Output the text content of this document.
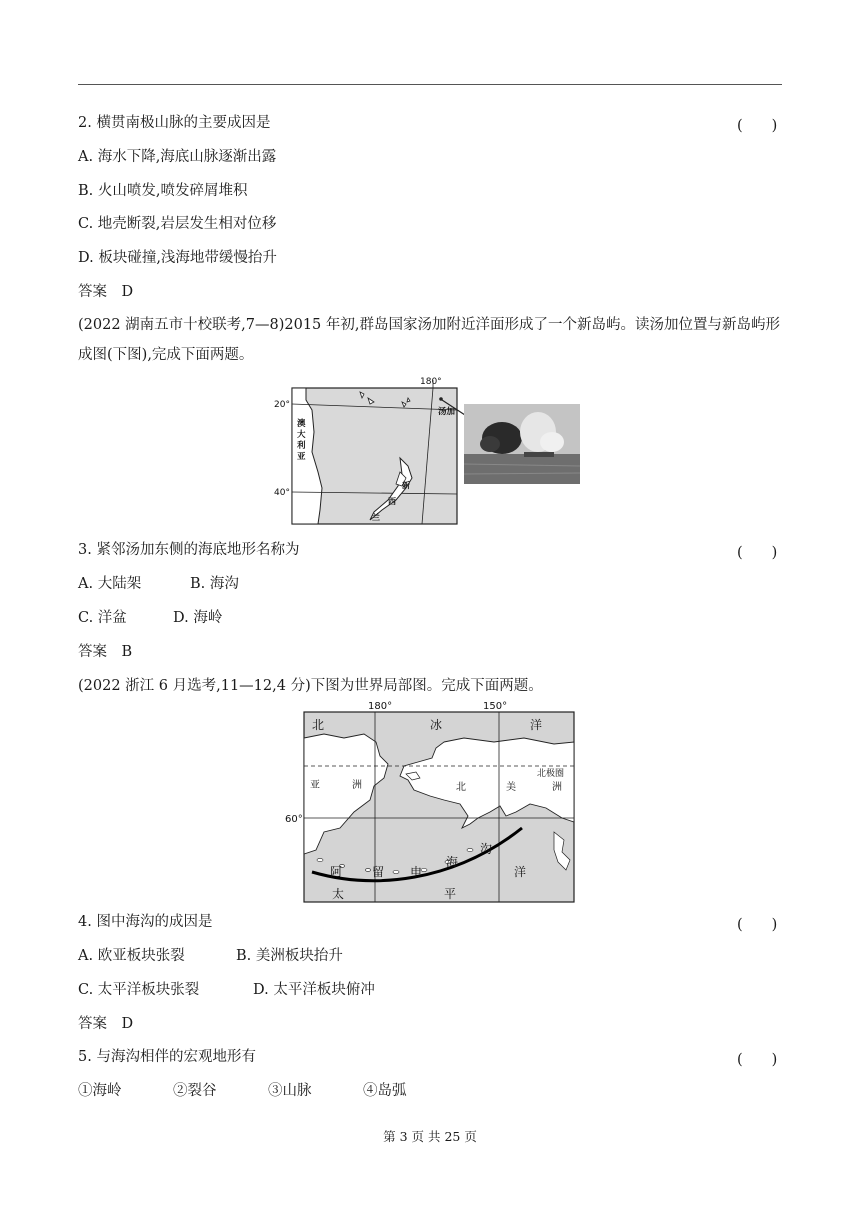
2. 横贯南极山脉的主要成因是	(　　)
A. 海水下降,海底山脉逐渐出露
B. 火山喷发,喷发碎屑堆积
C. 地壳断裂,岩层发生相对位移
D. 板块碰撞,浅海地带缓慢抬升
答案　D
(2022 湖南五市十校联考,7—8)2015 年初,群岛国家汤加附近洋面形成了一个新岛屿。读汤加位置与新岛屿形成图(下图),完成下面两题。
180°
20°
40°
澳
大
利
亚
汤加
新
西
兰
3. 紧邻汤加东侧的海底地形名称为	(　　)
A. 大陆架	B. 海沟
C. 洋盆	D. 海岭
答案　B
(2022 浙江 6 月选考,11—12,4 分)下图为世界局部图。完成下面两题。
180°	150°
60°
北极圈
北	冰	洋
亚	洲	北	美	洲
阿 留 申
海
沟
太	平
洋
4. 图中海沟的成因是	(　　)
A. 欧亚板块张裂	B. 美洲板块抬升
C. 太平洋板块张裂	D. 太平洋板块俯冲
答案　D
5. 与海沟相伴的宏观地形有	(　　)
①海岭	②裂谷	③山脉	④岛弧
第 3 页 共 25 页
